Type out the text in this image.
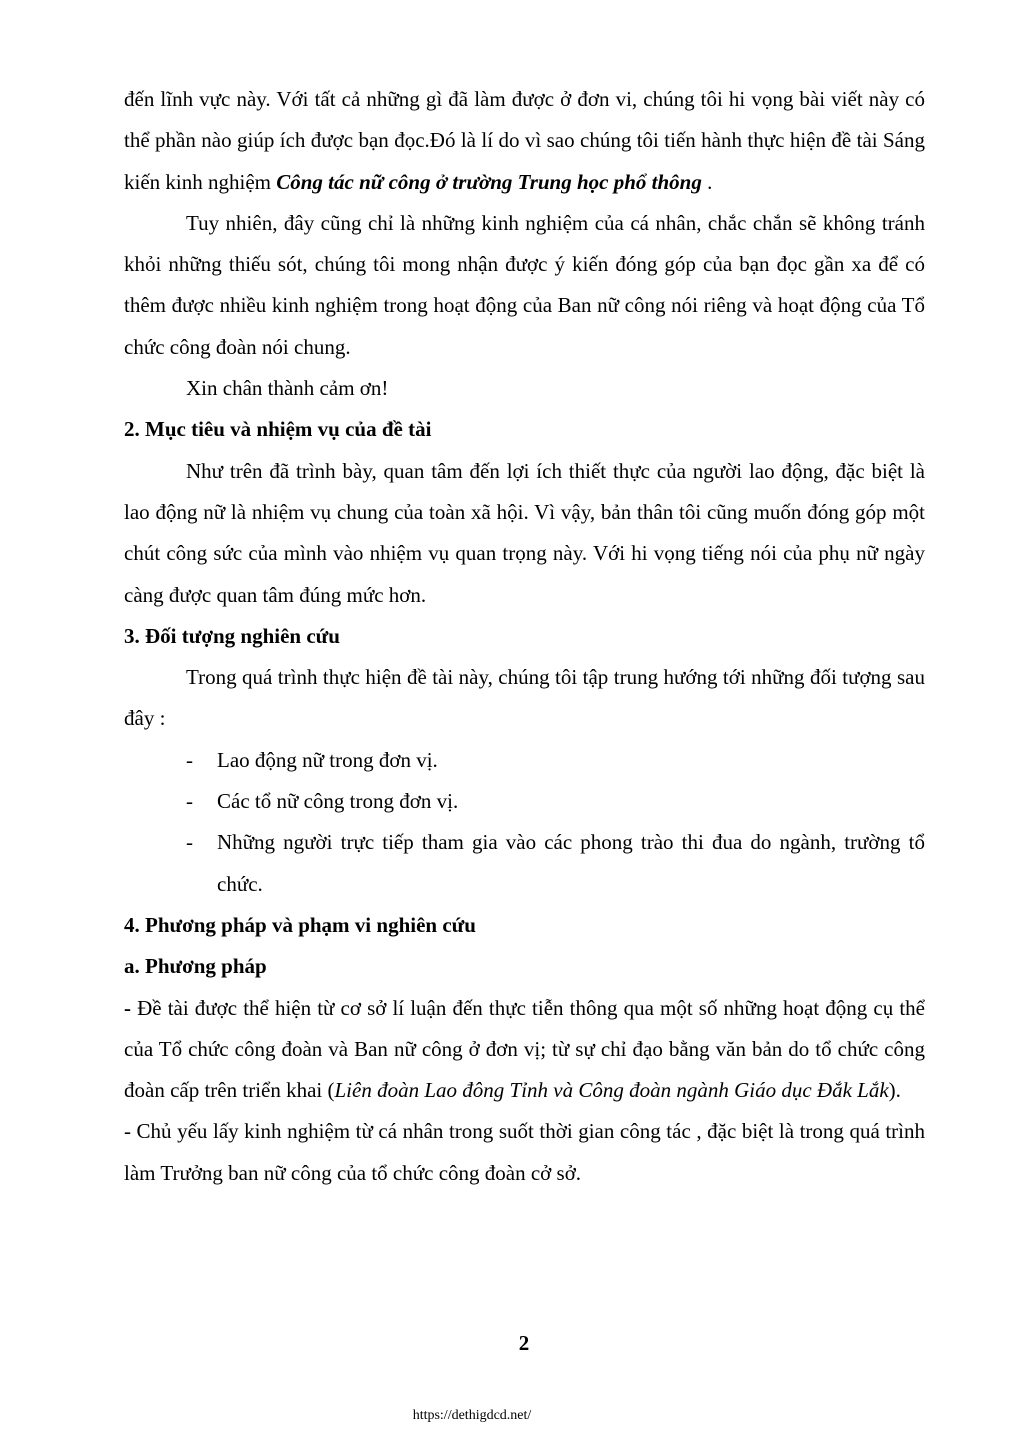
đến lĩnh vực này. Với tất cả những gì đã làm được ở đơn vi, chúng tôi hi vọng bài viết này có thể phần nào giúp ích được bạn đọc.Đó là lí do vì sao chúng tôi tiến hành thực hiện đề tài Sáng kiến kinh nghiệm Công tác nữ công ở trường Trung học phổ thông .

Tuy nhiên, đây cũng chỉ là những kinh nghiệm của cá nhân, chắc chắn sẽ không tránh khỏi những thiếu sót, chúng tôi mong nhận được ý kiến đóng góp của bạn đọc gần xa để có thêm được nhiều kinh nghiệm trong hoạt động của Ban nữ công nói riêng và hoạt động của Tổ chức công đoàn nói chung.

Xin chân thành cảm ơn!

2. Mục tiêu và nhiệm vụ của đề tài

Như trên đã trình bày, quan tâm đến lợi ích thiết thực của người lao động, đặc biệt là lao động nữ là nhiệm vụ chung của toàn xã hội. Vì vậy, bản thân tôi cũng muốn đóng góp một chút công sức của mình vào nhiệm vụ quan trọng này. Với hi vọng tiếng nói của phụ nữ ngày càng được quan tâm đúng mức hơn.

3. Đối tượng nghiên cứu

Trong quá trình thực hiện đề tài này, chúng tôi tập trung hướng tới những đối tượng sau đây :

- Lao động nữ trong đơn vị.
- Các tổ nữ công trong đơn vị.
- Những người trực tiếp tham gia vào các phong trào thi đua do ngành, trường tổ chức.

4. Phương pháp và phạm vi nghiên cứu

a. Phương pháp

- Đề tài được thể hiện từ cơ sở lí luận đến thực tiễn thông qua một số những hoạt động cụ thể của Tổ chức công đoàn và Ban nữ công ở đơn vị; từ sự chỉ đạo bằng văn bản do tổ chức công đoàn cấp trên triển khai (Liên đoàn Lao đông Tỉnh và Công đoàn ngành Giáo dục Đắk Lắk).

- Chủ yếu lấy kinh nghiệm từ cá nhân trong suốt thời gian công tác , đặc biệt là trong quá trình làm Trưởng ban nữ công của tổ chức công đoàn cở sở.

2
https://dethigdcd.net/
